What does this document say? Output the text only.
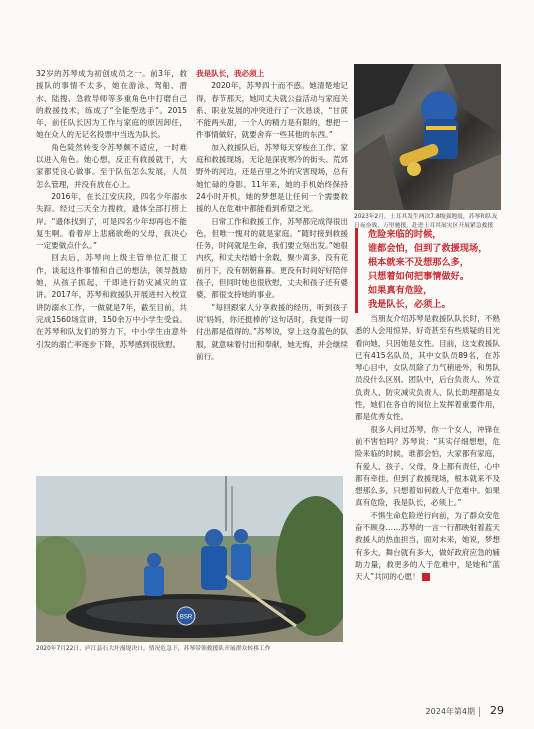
32岁的苏琴成为初创成员之一。前3年，救援队的事情不太多，她在游泳、驾船、潜水、陆搜、急救导师等多重角色中打磨自己的救援技术，练成了“全能型选手”。2015年，前任队长因为工作与家庭的原因卸任，她在众人的无记名投票中当选为队长。

角色陡然转变令苏琴颇不适应，一时难以进入角色。她心想，反正有救援就干，大家都凭良心做事。至于队伍怎么发展，人员怎么管理，并没有放在心上。

2016年，在长江安庆段，四名少年溺水失踪。经过三天全力搜救，遗体全部打捞上岸。“遗体找到了，可是四名少年却再也不能复生啊。看着岸上悲痛欲绝的父母，我决心一定要做点什么。”

回去后，苏琴向上级主管单位汇报工作，谈起这件事情和自己的想法，领导鼓励她，从孩子抓起，干即进行防灾减灾的宣讲。2017年，苏琴和救援队开展进村入校宣讲防溺水工作，一做就是7年，截至目前，共完成1560场宣讲，150余万中小学生受益。在苏琴和队友们的努力下，中小学生由意外引发的溺亡率逐步下降，苏琴感到很欣慰。

我是队长，我必须上

2020年，苏琴四十而不惑。她清楚地记得，春节那天，她同丈夫就公益活动与家庭关系、职业发展的冲突进行了一次恳谈，“甘蔗不能两头甜，一个人的精力是有限的，想把一件事情做好，就要舍弃一些其他的东西。”

加入救援队后，苏琴每天穿梭在工作、家庭和救援现场。无论是深夜寒冷的街头、荒郊野外的河边，还是百里之外的灾害现场，总有她忙碌的身影。11年来，她的手机始终保持24小时开机，她的梦想是让任何一个需要救援的人在危难中都能看到希望之光。

日常工作和救援工作，苏琴都完成得很出色，但唯一愧对的就是家庭。“随时接到救援任务，时间就是生命，我们要立刻出发。”她很内疚，和丈夫结婚十余载，聚少离多，没有花前月下，没有朝朝暮暮。更没有时间好好陪伴孩子，但同时她也很欣慰，丈夫和孩子还有婆婆，都很支持她的事业。

“每回跟家人分享救援的经历，听到孩子说‘妈妈，你还挺棒的’这句话时，我觉得一切付出都是值得的。”苏琴说，穿上这身蓝色的队服，就意味着付出和奉献，她无悔，并会继续前行。

2023年2月，土耳其发生两次7.8级强地震，苏琴和队友日夜奋战，万里驰援，赴进土耳其展灾区开展紧急救援
危险来临的时候，
谁都会怕，但到了救援现场，
根本就来不及想那么多，
只想着如何把事情做好。
如果真有危险，
我是队长，必须上。

当朋友介绍苏琴是救援队队长时，不熟悉的人会用惊异、好奇甚至有些质疑的目光看向她，只因她是女性。目前，这支救援队已有415名队员，其中女队员89名，在苏琴心目中，女队员除了力气稍逊外，和男队员没什么区别。团队中，后台负责人、外宣负责人、防灾减灾负责人、队长助理都是女性，她们在各自的岗位上发挥着重要作用，都是优秀女性。

很多人问过苏琴，你一个女人，冲锋在前不害怕吗？苏琴说：“其实仔细想想，危险来临的时候，谁都会怕，大家都有家庭，有爱人、孩子、父母，身上都有责任，心中都有牵挂。但到了救援现场，根本就来不及想那么多，只想着如何救人于危难中。如果真有危险，我是队长，必须上。”

不惧生命危险逆行向前，为了群众安危奋不顾身……苏琴的一言一行都映射着蓝天救援人的热血担当，面对未来，她说，梦想有多大，舞台就有多大，做好政府应急的辅助力量，救更多的人于危难中，是她和“蓝天人”共同的心愿！

BSR
2020年7月22日，庐江县石大圩漫堤决口，情况危急下，苏琴带领救援队开展群众转移工作
2024年第4期 29
